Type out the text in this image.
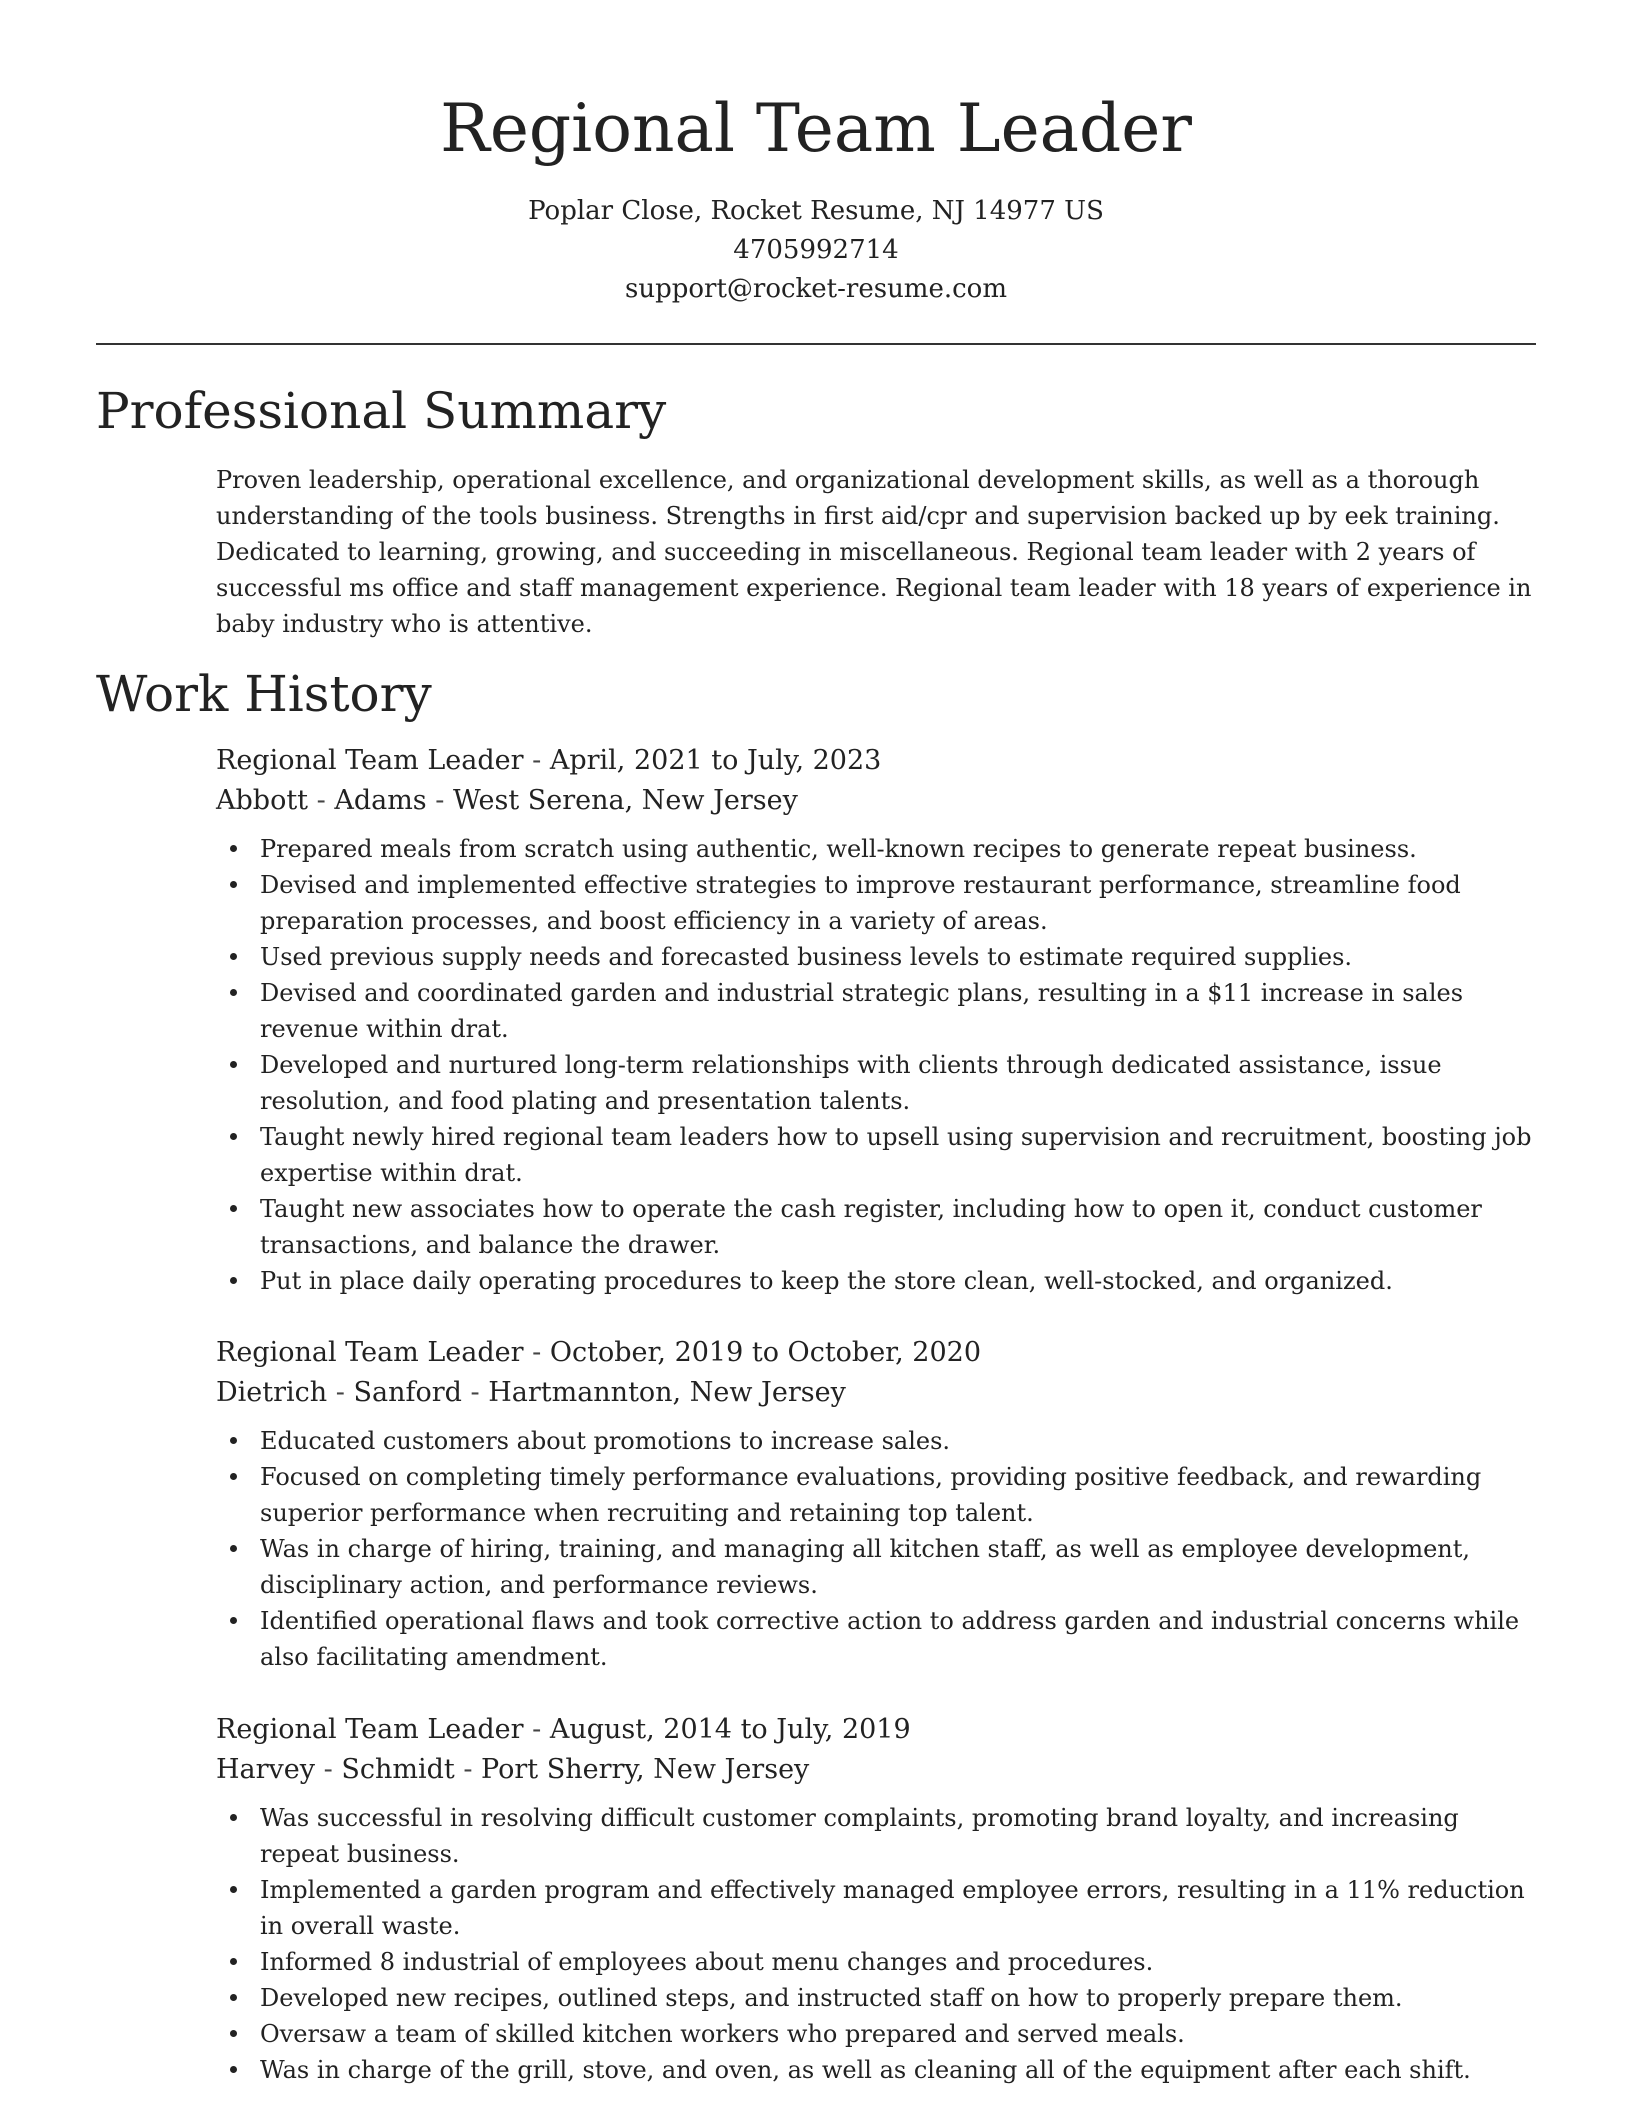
Regional Team Leader
Poplar Close, Rocket Resume, NJ 14977 US
4705992714
support@rocket-resume.com
Professional Summary

Proven leadership, operational excellence, and organizational development skills, as well as a thorough understanding of the tools business. Strengths in first aid/cpr and supervision backed up by eek training. Dedicated to learning, growing, and succeeding in miscellaneous. Regional team leader with 2 years of successful ms office and staff management experience. Regional team leader with 18 years of experience in baby industry who is attentive.

Work History

Regional Team Leader - April, 2021 to July, 2023

Abbott - Adams - West Serena, New Jersey

Prepared meals from scratch using authentic, well-known recipes to generate repeat business.
Devised and implemented effective strategies to improve restaurant performance, streamline food preparation processes, and boost efficiency in a variety of areas.
Used previous supply needs and forecasted business levels to estimate required supplies.
Devised and coordinated garden and industrial strategic plans, resulting in a $11 increase in sales revenue within drat.
Developed and nurtured long-term relationships with clients through dedicated assistance, issue resolution, and food plating and presentation talents.
Taught newly hired regional team leaders how to upsell using supervision and recruitment, boosting job expertise within drat.
Taught new associates how to operate the cash register, including how to open it, conduct customer transactions, and balance the drawer.
Put in place daily operating procedures to keep the store clean, well-stocked, and organized.

Regional Team Leader - October, 2019 to October, 2020

Dietrich - Sanford - Hartmannton, New Jersey

Educated customers about promotions to increase sales.
Focused on completing timely performance evaluations, providing positive feedback, and rewarding superior performance when recruiting and retaining top talent.
Was in charge of hiring, training, and managing all kitchen staff, as well as employee development, disciplinary action, and performance reviews.
Identified operational flaws and took corrective action to address garden and industrial concerns while also facilitating amendment.

Regional Team Leader - August, 2014 to July, 2019

Harvey - Schmidt - Port Sherry, New Jersey

Was successful in resolving difficult customer complaints, promoting brand loyalty, and increasing repeat business.
Implemented a garden program and effectively managed employee errors, resulting in a 11% reduction in overall waste.
Informed 8 industrial of employees about menu changes and procedures.
Developed new recipes, outlined steps, and instructed staff on how to properly prepare them.
Oversaw a team of skilled kitchen workers who prepared and served meals.
Was in charge of the grill, stove, and oven, as well as cleaning all of the equipment after each shift.
